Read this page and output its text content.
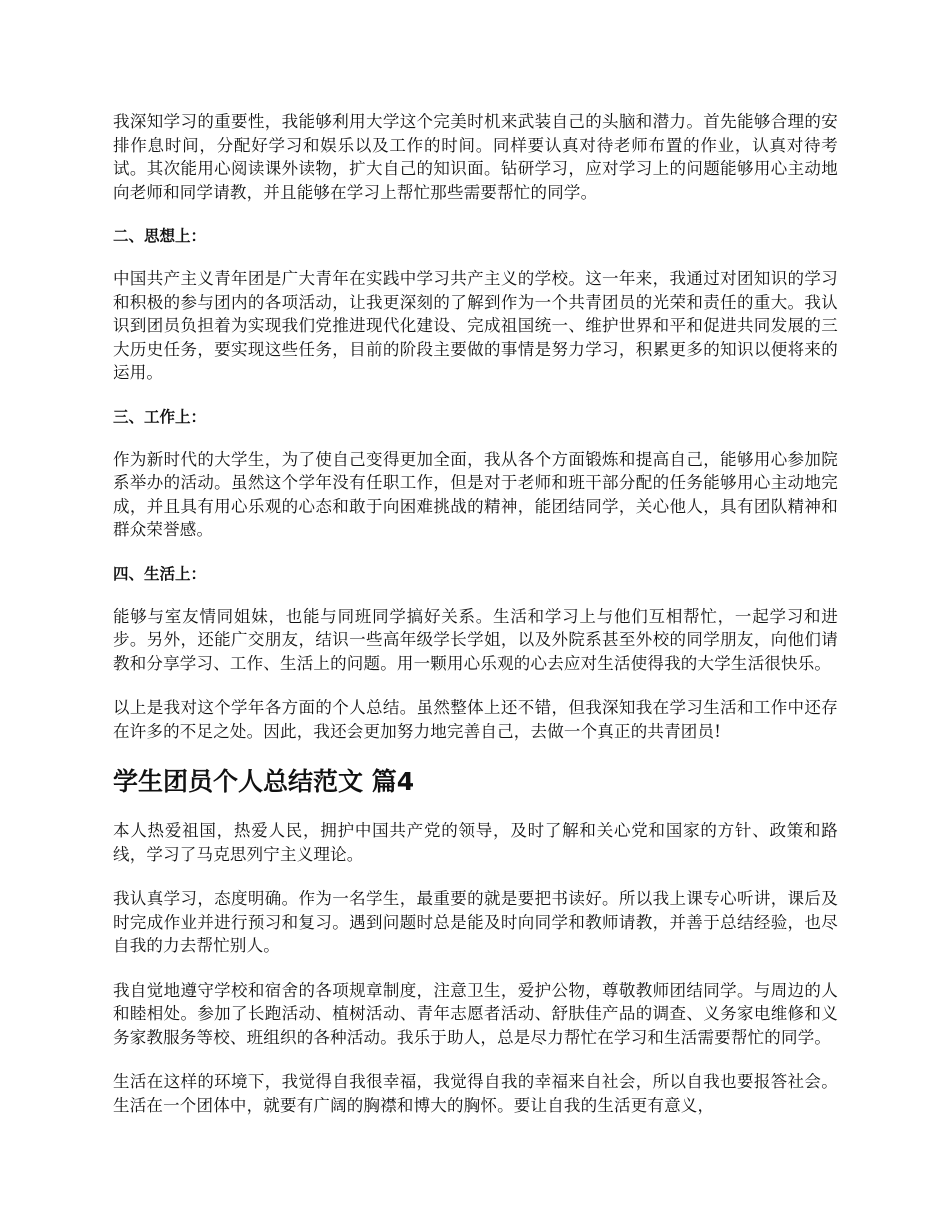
我深知学习的重要性，我能够利用大学这个完美时机来武装自己的头脑和潜力。首先能够合理的安排作息时间，分配好学习和娱乐以及工作的时间。同样要认真对待老师布置的作业，认真对待考试。其次能用心阅读课外读物，扩大自己的知识面。钻研学习，应对学习上的问题能够用心主动地向老师和同学请教，并且能够在学习上帮忙那些需要帮忙的同学。

二、思想上：

中国共产主义青年团是广大青年在实践中学习共产主义的学校。这一年来，我通过对团知识的学习和积极的参与团内的各项活动，让我更深刻的了解到作为一个共青团员的光荣和责任的重大。我认识到团员负担着为实现我们党推进现代化建设、完成祖国统一、维护世界和平和促进共同发展的三大历史任务，要实现这些任务，目前的阶段主要做的事情是努力学习，积累更多的知识以便将来的运用。

三、工作上：

作为新时代的大学生，为了使自己变得更加全面，我从各个方面锻炼和提高自己，能够用心参加院系举办的活动。虽然这个学年没有任职工作，但是对于老师和班干部分配的任务能够用心主动地完成，并且具有用心乐观的心态和敢于向困难挑战的精神，能团结同学，关心他人，具有团队精神和群众荣誉感。

四、生活上：

能够与室友情同姐妹，也能与同班同学搞好关系。生活和学习上与他们互相帮忙，一起学习和进步。另外，还能广交朋友，结识一些高年级学长学姐，以及外院系甚至外校的同学朋友，向他们请教和分享学习、工作、生活上的问题。用一颗用心乐观的心去应对生活使得我的大学生活很快乐。

以上是我对这个学年各方面的个人总结。虽然整体上还不错，但我深知我在学习生活和工作中还存在许多的不足之处。因此，我还会更加努力地完善自己，去做一个真正的共青团员!

学生团员个人总结范文 篇4

本人热爱祖国，热爱人民，拥护中国共产党的领导，及时了解和关心党和国家的方针、政策和路线，学习了马克思列宁主义理论。

我认真学习，态度明确。作为一名学生，最重要的就是要把书读好。所以我上课专心听讲，课后及时完成作业并进行预习和复习。遇到问题时总是能及时向同学和教师请教，并善于总结经验，也尽自我的力去帮忙别人。

我自觉地遵守学校和宿舍的各项规章制度，注意卫生，爱护公物，尊敬教师团结同学。与周边的人和睦相处。参加了长跑活动、植树活动、青年志愿者活动、舒肤佳产品的调查、义务家电维修和义务家教服务等校、班组织的各种活动。我乐于助人，总是尽力帮忙在学习和生活需要帮忙的同学。

生活在这样的环境下，我觉得自我很幸福，我觉得自我的幸福来自社会，所以自我也要报答社会。生活在一个团体中，就要有广阔的胸襟和博大的胸怀。要让自我的生活更有意义，
